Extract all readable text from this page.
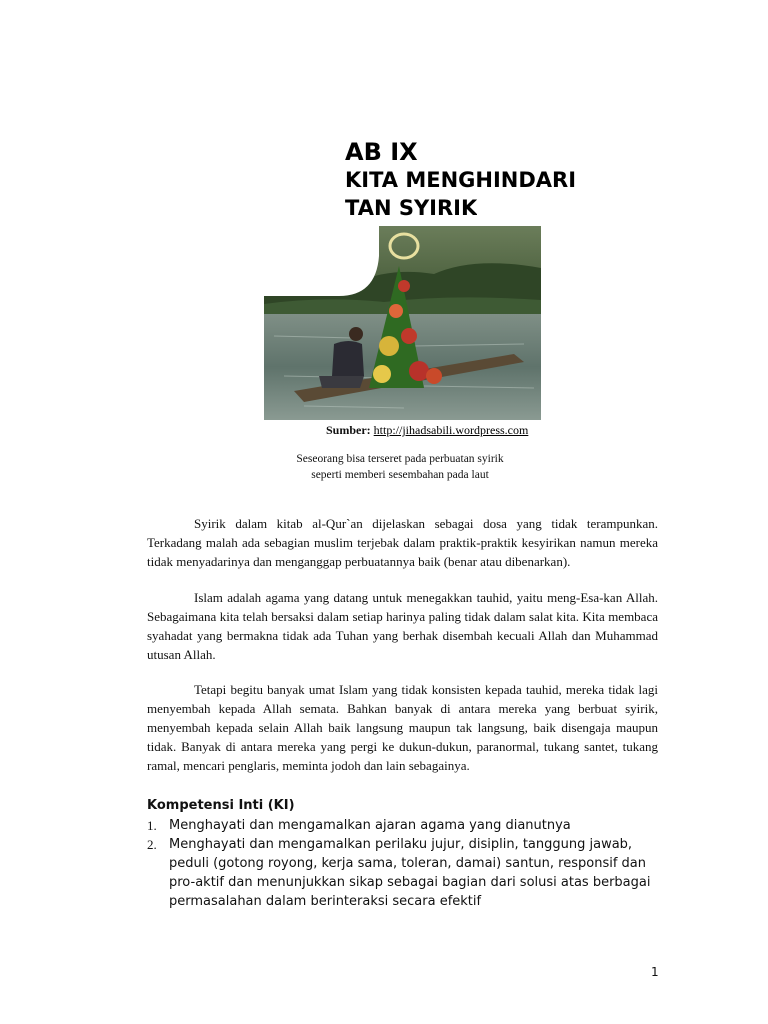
AB IX
KITA MENGHINDARI
TAN SYIRIK
Sumber: http://jihadsabili.wordpress.com
Seseorang bisa terseret pada perbuatan syirik
seperti memberi sesembahan pada laut
Syirik dalam kitab al-Qur`an dijelaskan sebagai dosa yang tidak terampunkan. Terkadang malah ada sebagian muslim terjebak dalam praktik-praktik kesyirikan namun mereka tidak menyadarinya dan menganggap perbuatannya baik (benar atau dibenarkan).
Islam adalah agama yang datang untuk menegakkan tauhid, yaitu meng-Esa-kan Allah. Sebagaimana kita telah bersaksi dalam setiap harinya paling tidak dalam salat kita. Kita membaca syahadat yang bermakna tidak ada Tuhan yang berhak disembah kecuali Allah dan Muhammad utusan Allah.
Tetapi begitu banyak umat Islam yang tidak konsisten kepada tauhid, mereka tidak lagi menyembah kepada Allah semata. Bahkan banyak di antara mereka yang berbuat syirik, menyembah kepada selain Allah baik langsung maupun tak langsung, baik disengaja maupun tidak. Banyak di antara mereka yang pergi ke dukun-dukun, paranormal, tukang santet, tukang ramal, mencari penglaris, meminta jodoh dan lain sebagainya.
Kompetensi Inti (KI)
1. Menghayati dan mengamalkan ajaran agama yang dianutnya
2. Menghayati dan mengamalkan perilaku jujur, disiplin, tanggung jawab, peduli (gotong royong, kerja sama, toleran, damai) santun, responsif dan pro-aktif dan menunjukkan sikap sebagai bagian dari solusi atas berbagai permasalahan dalam berinteraksi secara efektif
1
